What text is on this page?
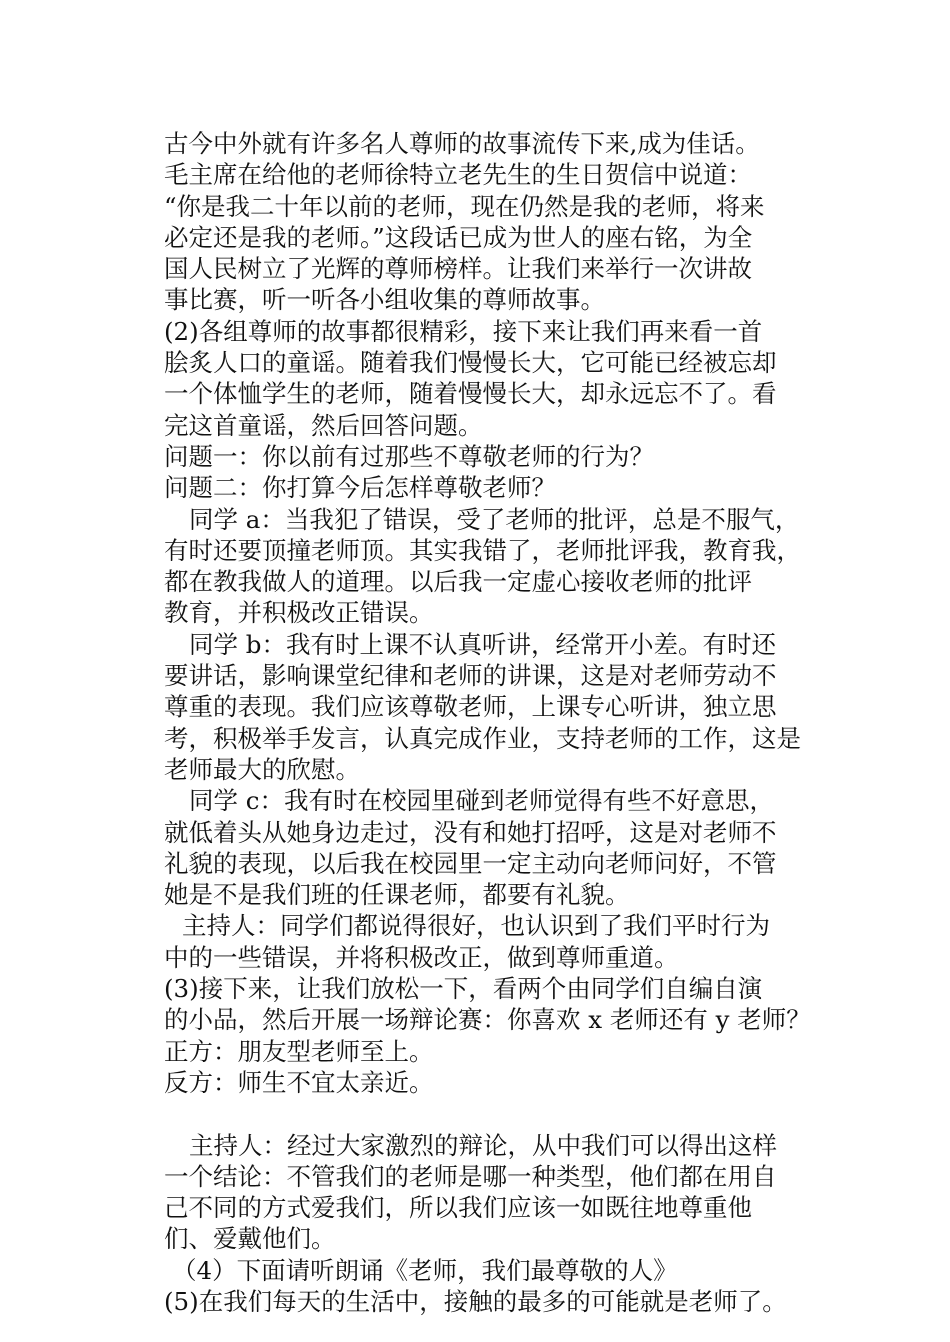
古今中外就有许多名人尊师的故事流传下来,成为佳话。
毛主席在给他的老师徐特立老先生的生日贺信中说道：
“你是我二十年以前的老师，现在仍然是我的老师，将来
必定还是我的老师。”这段话已成为世人的座右铭，为全
国人民树立了光辉的尊师榜样。让我们来举行一次讲故
事比赛，听一听各小组收集的尊师故事。
(2)各组尊师的故事都很精彩，接下来让我们再来看一首
脍炙人口的童谣。随着我们慢慢长大，它可能已经被忘却
一个体恤学生的老师，随着慢慢长大，却永远忘不了。看
完这首童谣，然后回答问题。
问题一：你以前有过那些不尊敬老师的行为？
问题二：你打算今后怎样尊敬老师？
同学 a：当我犯了错误，受了老师的批评，总是不服气，
有时还要顶撞老师顶。其实我错了，老师批评我，教育我，
都在教我做人的道理。以后我一定虚心接收老师的批评
教育，并积极改正错误。
同学 b：我有时上课不认真听讲，经常开小差。有时还
要讲话，影响课堂纪律和老师的讲课，这是对老师劳动不
尊重的表现。我们应该尊敬老师，上课专心听讲，独立思
考，积极举手发言，认真完成作业，支持老师的工作，这是
老师最大的欣慰。
同学 c：我有时在校园里碰到老师觉得有些不好意思，
就低着头从她身边走过，没有和她打招呼，这是对老师不
礼貌的表现，以后我在校园里一定主动向老师问好，不管
她是不是我们班的任课老师，都要有礼貌。
主持人：同学们都说得很好，也认识到了我们平时行为
中的一些错误，并将积极改正，做到尊师重道。
(3)接下来，让我们放松一下，看两个由同学们自编自演
的小品，然后开展一场辩论赛：你喜欢 x 老师还有 y 老师？
正方：朋友型老师至上。
反方：师生不宜太亲近。
主持人：经过大家激烈的辩论，从中我们可以得出这样
一个结论：不管我们的老师是哪一种类型，他们都在用自
己不同的方式爱我们，所以我们应该一如既往地尊重他
们、爱戴他们。
（4）下面请听朗诵《老师，我们最尊敬的人》
(5)在我们每天的生活中，接触的最多的可能就是老师了。
